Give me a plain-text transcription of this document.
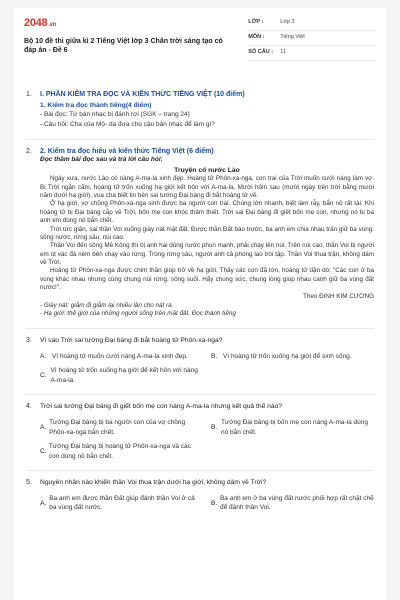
2048 .vn
Bộ 10 đề thi giữa kì 2 Tiếng Việt lớp 3 Chân trời sáng tạo có đáp án - Đề 6
LỚP :	Lớp 3
MÔN :	Tiếng Việt
SỐ CÂU :	11
1.	I. PHẦN KIỂM TRA ĐỌC VÀ KIẾN THỨC TIẾNG VIỆT (10 điểm)
1. Kiểm tra đọc thành tiếng(4 điểm)
- Bài đọc: Từ bản nhạc bị đánh rơi (SGK – trang 24)
- Câu hỏi: Cha của Mô- da đưa cho cậu bản nhạc để làm gì?
2.	2. Kiểm tra đọc hiểu và kiến thức Tiếng Việt (6 điểm)
Đọc thầm bài đọc sau và trả lời câu hỏi:
Truyện cổ nước Lào
Ngày xưa, nước Lào có nàng A-ma-la xinh đẹp. Hoàng tử Phôn-xa-nga, con trai của Trời muốn cưới nàng làm vợ. Bị Trời ngăn cấm, hoàng tử trốn xuống hạ giới kết hôn với A-ma-la. Mười hôm sau (mười ngày trên trời bằng mười năm dưới hạ giới), vua cha biết tin bèn sai tướng Đại bàng đi bắt hoàng tử về.
Ở hạ giới, vợ chồng Phôn-xa-nga sinh được ba người con trai. Chúng lớn nhanh, biết làm rẫy, bắn nỏ rất tài. Khi hoàng tử bị Đại bàng cắp về Trời, bốn mẹ con khóc thảm thiết. Trời sai Đại bàng đi giết bốn mẹ con, nhưng nó bị ba anh em dùng nỏ bắn chết.
Trời tức giận, sai thần Voi xuống giày nát mặt đất. Được thần Đất báo trước, ba anh em chia nhau trấn giữ ba vùng: sông nước, rừng sâu, núi cao.
Thần Voi đến sông Mê Kông thì bị anh hai dùng nước phun mạnh, phải chạy lên núi. Trên núi cao, thần Voi bị người em út vác đá ném bên chạy vào rừng. Trong rừng sâu, người anh cả phóng lao trói tập. Thần Voi thua trận, không dám về Trời.
Hoàng tử Phôn-xa-nga được chim thần giúp trở về hạ giới. Thấy các con đã lớn, hoàng tử dặn dò: "Các con ở ba vùng khác nhau nhưng cùng chung núi rừng, sông suối. Hãy chung sức, chung lòng giúp nhau canh giữ ba vùng đất nước!".
Theo ĐINH KIM CƯƠNG
- Giày nát: giẫm đi giẫm lại nhiều lần cho nát ra.
- Hạ giới: thế giới của những người sống trên mặt đất. Đọc thành tiếng
3.	Vì sao Trời sai tướng Đại bàng đi bắt hoàng tử Phôn-xa-nga?
A. Vì hoàng tử muốn cưới nàng A-ma-la xinh đẹp.	B. Vì hoàng tử trốn xuống hạ giới để sinh sống.
C.
Vì hoàng tử trốn xuống hạ giới để kết hôn với nàng A-ma-la.
4.	Trời sai tướng Đại bàng đi giết bốn mẹ con nàng A-ma-la nhưng kết quả thế nào?
A.
Tướng Đại bàng bị ba người con của vợ chồng Phôn-xa-nga bắn chết.
B.
Tướng Đại bàng bị bốn mẹ con nàng A-ma-la dùng nỏ bắn chết.
C.
Tướng Đại bàng bị hoàng tử Phôn-xa-nga và các con dùng nỏ bắn chết.
5.	Nguyên nhân nào khiến thần Voi thua trận dưới hạ giới, không dám về Trời?
A.
Ba anh em được thần Đất giúp đánh thần Voi ở cả ba vùng đất nước.
B.
Ba anh em ở ba vùng đất nước phối hợp rất chặt chẽ để đánh thần Voi.
